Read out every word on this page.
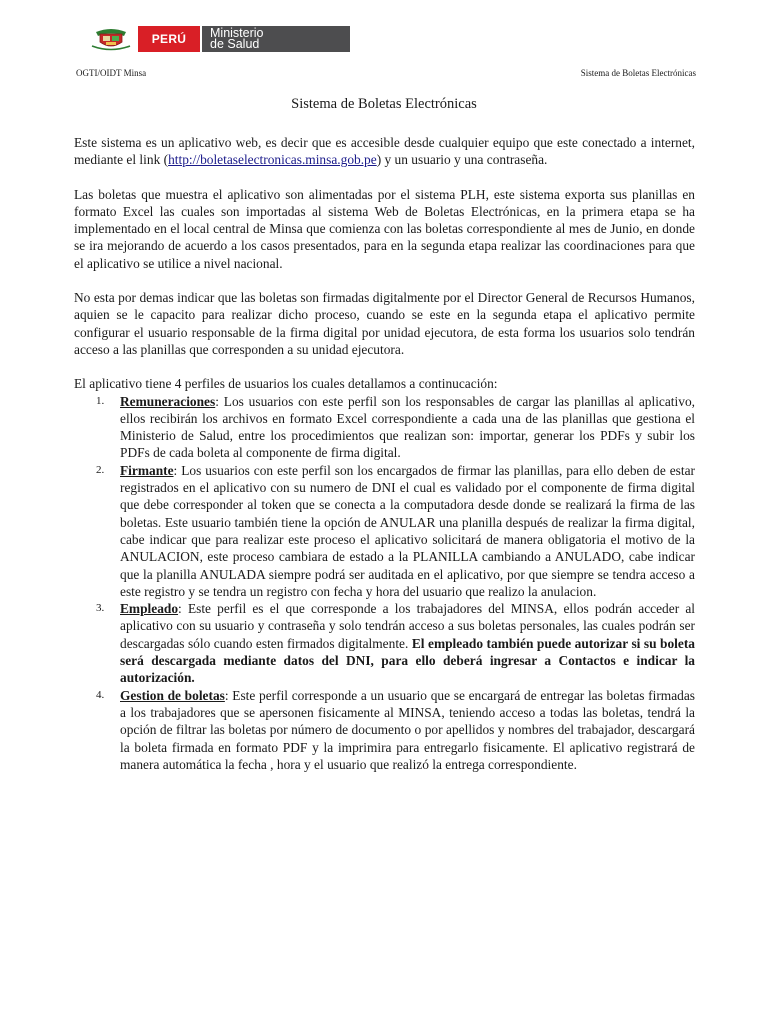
PERÚ	Ministerio
de Salud
OGTI/OIDT Minsa	Sistema de Boletas Electrónicas
Sistema de Boletas Electrónicas

Este sistema es un aplicativo web, es decir que es accesible desde cualquier equipo que este conectado a internet, mediante el link (http://boletaselectronicas.minsa.gob.pe) y un usuario y una contraseña.

Las boletas que muestra el aplicativo son alimentadas por el sistema PLH, este sistema exporta sus planillas en formato Excel las cuales son importadas al sistema Web de Boletas Electrónicas, en la primera etapa se ha implementado en el local central de Minsa que comienza con las boletas correspondiente al mes de Junio, en donde se ira mejorando de acuerdo a los casos presentados, para en la segunda etapa realizar las coordinaciones para que el aplicativo se utilice a nivel nacional.

No esta por demas indicar que las boletas son firmadas digitalmente por el Director General de Recursos Humanos, aquien se le capacito para realizar dicho proceso, cuando se este en la segunda etapa el aplicativo permite configurar el usuario responsable de la firma digital por unidad ejecutora, de esta forma los usuarios solo tendrán acceso a las planillas que corresponden a su unidad ejecutora.

El aplicativo tiene 4 perfiles de usuarios los cuales detallamos a continucación:
1. Remuneraciones: Los usuarios con este perfil son los responsables de cargar las planillas al aplicativo, ellos recibirán los archivos en formato Excel correspondiente a cada una de las planillas que gestiona el Ministerio de Salud, entre los procedimientos que realizan son: importar, generar los PDFs y subir los PDFs de cada boleta al componente de firma digital.
2. Firmante: Los usuarios con este perfil son los encargados de firmar las planillas, para ello deben de estar registrados en el aplicativo con su numero de DNI el cual es validado por el componente de firma digital que debe corresponder al token que se conecta a la computadora desde donde se realizará la firma de las boletas. Este usuario también tiene la opción de ANULAR una planilla después de realizar la firma digital, cabe indicar que para realizar este proceso el aplicativo solicitará de manera obligatoria el motivo de la ANULACION, este proceso cambiara de estado a la PLANILLA cambiando a ANULADO, cabe indicar que la planilla ANULADA siempre podrá ser auditada en el aplicativo, por que siempre se tendra acceso a este registro y se tendra un registro con fecha y hora del usuario que realizo la anulacion.
3. Empleado: Este perfil es el que corresponde a los trabajadores del MINSA, ellos podrán acceder al aplicativo con su usuario y contraseña y solo tendrán acceso a sus boletas personales, las cuales podrán ser descargadas sólo cuando esten firmados digitalmente. El empleado también puede autorizar si su boleta será descargada mediante datos del DNI, para ello deberá ingresar a Contactos e indicar la autorización.
4. Gestion de boletas: Este perfil corresponde a un usuario que se encargará de entregar las boletas firmadas a los trabajadores que se apersonen fisicamente al MINSA, teniendo acceso a todas las boletas, tendrá la opción de filtrar las boletas por número de documento o por apellidos y nombres del trabajador, descargará la boleta firmada en formato PDF y la imprimira para entregarlo fisicamente. El aplicativo registrará de manera automática la fecha , hora y el usuario que realizó la entrega correspondiente.
